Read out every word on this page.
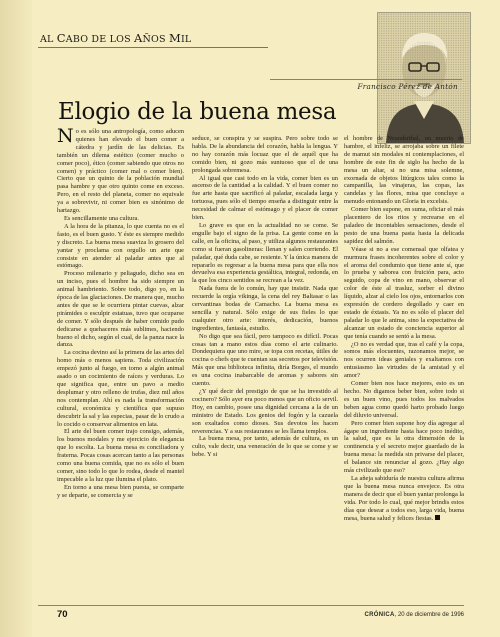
AL CABO DE LOS AÑOS MIL
Francisco Pérez de Antón
Elogio de la buena mesa

No es sólo una antropología, como aducen quienes han elevado el buen comer a cátedra y jardín de las delicias. Es también un dilema estético (comer mucho o comer poco), ético (comer sabiendo que otros no comen) y práctico (comer mal o comer bien). Cierto que un quinto de la población mundial pasa hambre y que otro quinto come en exceso. Pero, en el resto del planeta, comer no equivale ya a sobrevivir, ni comer bien es sinónimo de hartazgo.

Es sencillamente una cultura.

A la hora de la pitanza, lo que cuenta no es el fasto, es el buen gusto. Y éste es siempre medido y discreto. La buena mesa suaviza lo grosero del yantar y proclama con orgullo un arte que consiste en atender al paladar antes que al estómago.

Proceso milenario y peliagudo, dicho sea en un inciso, pues el hombre ha sido siempre un animal hambriento. Sobre todo, digo yo, en la época de las glaciaciones. De manera que, mucho antes de que se le ocurriera pintar cuevas, alzar pirámides o esculpir estatuas, tuvo que ocuparse de comer. Y sólo después de haber comido pudo dedicarse a quehaceres más sublimes, haciendo bueno el dicho, según el cual, de la panza nace la danza.

La cocina devino así la primera de las artes del homo más o menos sapiens. Toda civilización empezó junto al fuego, en torno a algún animal asado o un cocimiento de raíces y verduras. Lo que significa que, entre un pavo a medio desplumar y otro relleno de trufas, diez mil años nos contemplan. Ahí es nada la transformación cultural, económica y científica que supuso descubrir la sal y las especias, pasar de lo crudo a lo cocido o conservar alimentos en lata.

El arte del buen comer trajo consigo, además, los buenos modales y me ejercicio de elegancia que lo escolta. La buena mesa es conciliadora y fraterna. Pocas cosas acercan tanto a las personas como una buena comida, que no es sólo el buen comer, sino todo lo que lo rodea, desde el mantel impecable a la luz que ilumina el plato.

En torno a una mesa bien puesta, se comparte y se departe, se comercia y se

seduce, se conspira y se suspira. Pero sobre todo se habla. De la abundancia del corazón, habla la lengua. Y no hay corazón más locuaz que el de aquél que ha comido bien, ni gozo más suntuoso que el de una prolongada sobremesa.

Al igual que casi todo en la vida, comer bien es un ascenso de la cantidad a la calidad. Y el buen comer no fue arte hasta que sacrificó al paladar, escalada larga y tortuosa, pues sólo el tiempo enseña a distinguir entre la necesidad de calmar el estómago y el placer de comer bien.

Lo grave es que en la actualidad no se come. Se engulle bajo el signo de la prisa. La gente come en la calle, en la oficina, al paso, y utiliza algunos restaurantes como si fueran gasolineras: llenan y salen corriendo. El paladar, qué duda cabe, se resiente. Y la única manera de repararlo es regresar a la buena mesa para que ella nos devuelva esa experiencia gestáltica, integral, redonda, en la que los cinco sentidos se recrean a la vez.

Nada fuera de lo común, hay que insistir. Nada que recuerde la orgía vikinga, la cena del rey Baltasar o las cervantinas bodas de Camacho. La buena mesa es sencilla y natural. Sólo exige de sus fieles lo que cualquier otro arte: interés, dedicación, buenos ingredientes, fantasía, estudio.

No digo que sea fácil, pero tampoco es difícil. Pocas cosas tan a mano estos días como el arte culinario. Dondequiera que uno mire, se topa con recetas, útiles de cocina o chefs que te cuentan sus secretos por televisión. Más que una biblioteca infinita, diría Borges, el mundo es una cocina inabarcable de aromas y sabores sin cuento.

¿Y qué decir del prestigio de que se ha investido al cocinero? Sólo ayer era poco menos que un oficio servil. Hoy, en cambio, posee una dignidad cercana a la de un ministro de Estado. Los genios del fogón y la cazuela son exaltados como dioses. Sus devotos les hacen reverencias. Y a sus restauranes se les llama templos.

La buena mesa, por tanto, además de cultura, es un culto, vale decir, una veneración de lo que se come y se bebe. Y si

el hombre de Neanderthal, un muerto de hambre, el infeliz, se arrojaba sobre un filete de mamut sin modales ni contemplaciones, el hombre de este fin de siglo ha hecho de la mesa un altar, si no una misa solemne, exornada de objetos litúrgicos tales como la campanilla, las vinajeras, las copas, las candelas y las flores, misa que concluye a menudo entonando un Gloria in excelsis.

Comer bien supone, en suma, oficiar el más placentero de los ritos y recrearse en el paladeo de incontables sensaciones, desde el pesto de una buena pasta hasta la delicada sapidez del salmón.

Véase si no a ese comensal que olfatea y murmura frases incoherentes sobre el color y el aroma del condumio que tiene ante sí, que lo prueba y saborea con fruición para, acto seguido, copa de vino en mano, observar el color de éste al trasluz, sorber el divino líquido, alzar al cielo los ojos, entornarlos con expresión de cordero degollado y caer en estado de éxtasis. Ya no es sólo el placer del paladar lo que le anima, sino la expectativa de alcanzar un estado de conciencia superior al que tenía cuando se sentó a la mesa.

¿O no es verdad que, tras el café y la copa, somos más elocuentes, razonamos mejor, se nos ocurren ideas geniales y exaltamos con entusiasmo las virtudes de la amistad y el amor?

Comer bien nos hace mejores, esto es un hecho. No digamos beber bien, sobre todo si es un buen vino, pues todos los malvados beben agua como quedó harto probado luego del diluvio universal.

Pero comer bien supone hoy día agregar al ágape un ingrediente hasta hace poco inédito, la salud, que es la otra dimensión de la continencia y el secreto mejor guardado de la buena mesa: la medida sin privarse del placer, el balance sin renunciar al gozo. ¿Hay algo más civilizado que eso?

La añeja sabiduría de nuestra cultura afirma que la buena mesa nunca envejece. Es otra manera de decir que el buen yantar prolonga la vida. Por todo lo cual, qué mejor brindis estos días que desear a todos eso, larga vida, buena mesa, buena salud y felices fiestas.

70	CRÓNICA, 20 de diciembre de 1996
